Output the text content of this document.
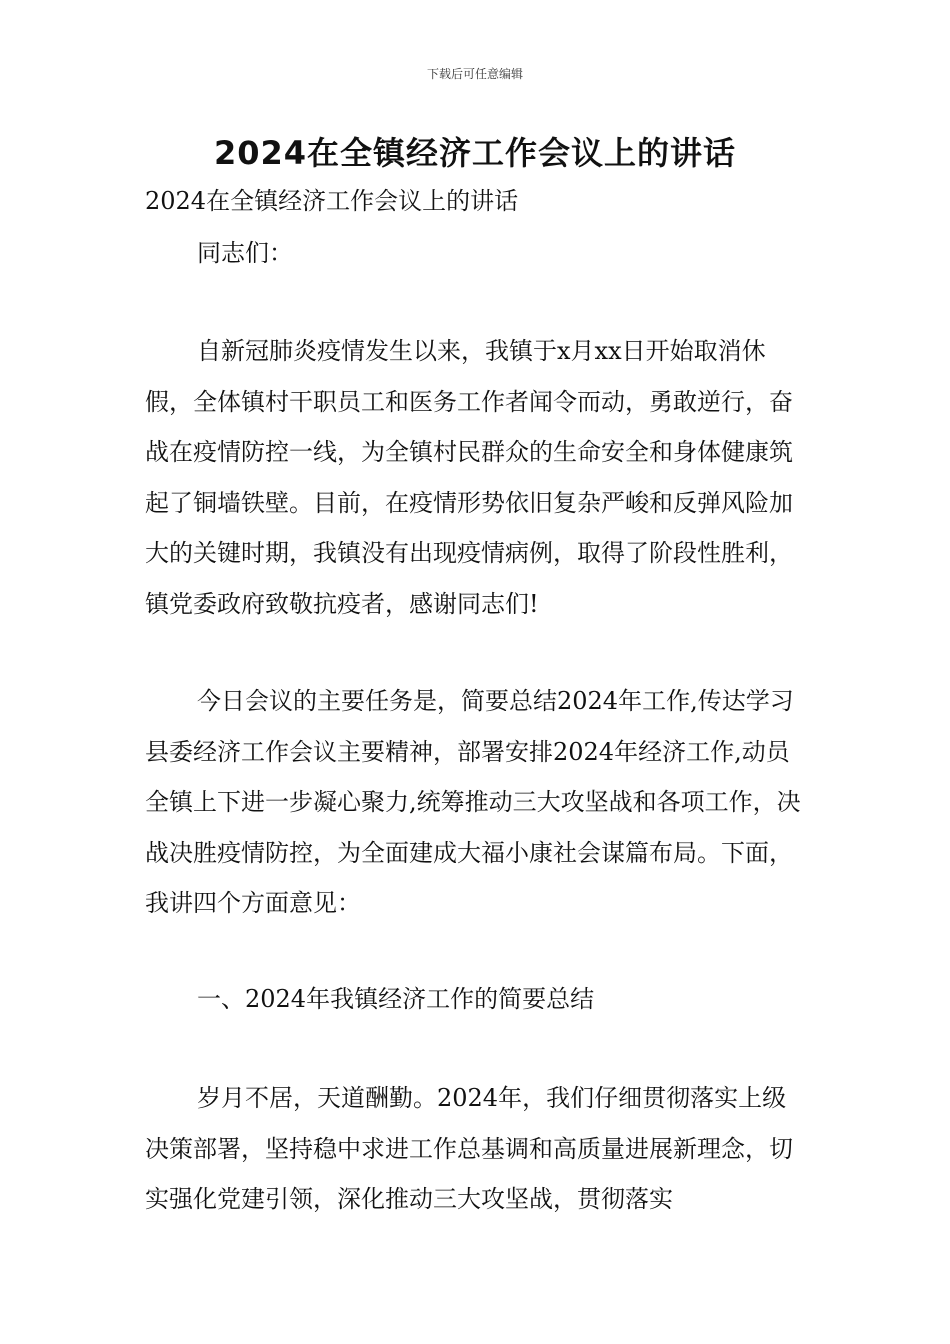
下载后可任意编辑
2024在全镇经济工作会议上的讲话
2024在全镇经济工作会议上的讲话
同志们：
自新冠肺炎疫情发生以来，我镇于x月xx日开始取消休假，全体镇村干职员工和医务工作者闻令而动，勇敢逆行，奋战在疫情防控一线，为全镇村民群众的生命安全和身体健康筑起了铜墙铁壁。目前，在疫情形势依旧复杂严峻和反弹风险加大的关键时期，我镇没有出现疫情病例，取得了阶段性胜利，镇党委政府致敬抗疫者，感谢同志们!
今日会议的主要任务是，简要总结2024年工作,传达学习县委经济工作会议主要精神，部署安排2024年经济工作,动员全镇上下进一步凝心聚力,统筹推动三大攻坚战和各项工作，决战决胜疫情防控，为全面建成大福小康社会谋篇布局。下面，我讲四个方面意见：
一、2024年我镇经济工作的简要总结
岁月不居，天道酬勤。2024年，我们仔细贯彻落实上级决策部署，坚持稳中求进工作总基调和高质量进展新理念，切实强化党建引领，深化推动三大攻坚战，贯彻落实
